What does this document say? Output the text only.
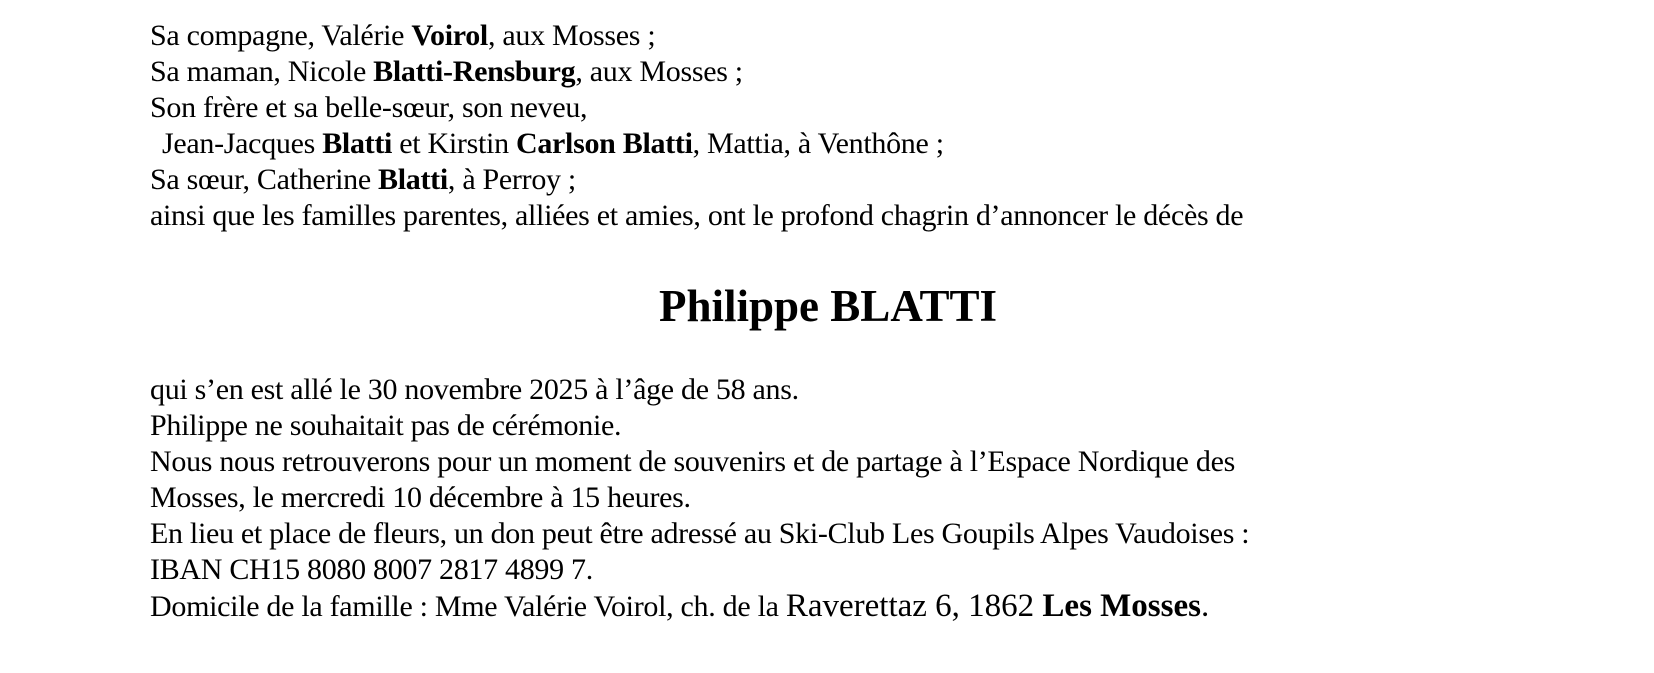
Sa compagne, Valérie Voirol, aux Mosses ;
Sa maman, Nicole Blatti-Rensburg, aux Mosses ;
Son frère et sa belle-sœur, son neveu,
Jean-Jacques Blatti et Kirstin Carlson Blatti, Mattia, à Venthône ;
Sa sœur, Catherine Blatti, à Perroy ;
ainsi que les familles parentes, alliées et amies, ont le profond chagrin d’annoncer le décès de
Philippe BLATTI
qui s’en est allé le 30 novembre 2025 à l’âge de 58 ans.
Philippe ne souhaitait pas de cérémonie.
Nous nous retrouverons pour un moment de souvenirs et de partage à l’Espace Nordique des
Mosses, le mercredi 10 décembre à 15 heures.
En lieu et place de fleurs, un don peut être adressé au Ski-Club Les Goupils Alpes Vaudoises :
IBAN CH15 8080 8007 2817 4899 7.
Domicile de la famille : Mme Valérie Voirol, ch. de la Raverettaz 6, 1862 Les Mosses.
